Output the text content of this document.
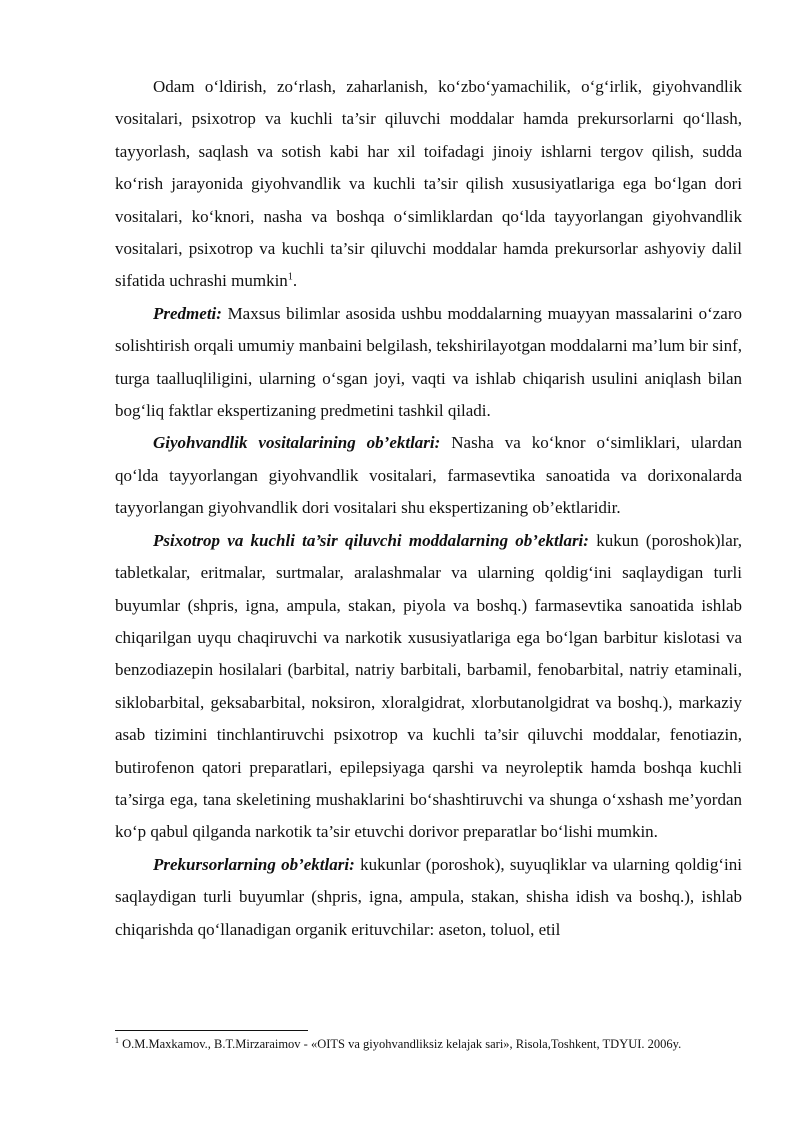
Odam o‘ldirish, zo‘rlash, zaharlanish, ko‘zbo‘yamachilik, o‘g‘irlik, giyohvandlik vositalari, psixotrop va kuchli ta’sir qiluvchi moddalar hamda prekursorlarni qo‘llash, tayyorlash, saqlash va sotish kabi har xil toifadagi jinoiy ishlarni tergov qilish, sudda ko‘rish jarayonida giyohvandlik va kuchli ta’sir qilish xususiyatlariga ega bo‘lgan dori vositalari, ko‘knori, nasha va boshqa o‘simliklardan qo‘lda tayyorlangan giyohvandlik vositalari, psixotrop va kuchli ta’sir qiluvchi moddalar hamda prekursorlar ashyoviy dalil sifatida uchrashi mumkin$^1$.

Predmeti: Maxsus bilimlar asosida ushbu moddalarning muayyan massalarini o‘zaro solishtirish orqali umumiy manbaini belgilash, tekshirilayotgan moddalarni ma’lum bir sinf, turga taalluqliligini, ularning o‘sgan joyi, vaqti va ishlab chiqarish usulini aniqlash bilan bog‘liq faktlar ekspertizaning predmetini tashkil qiladi.

Giyohvandlik vositalarining ob’ektlari: Nasha va ko‘knor o‘simliklari, ulardan qo‘lda tayyorlangan giyohvandlik vositalari, farmasevtika sanoatida va dorixonalarda tayyorlangan giyohvandlik dori vositalari shu ekspertizaning ob’ektlaridir.

Psixotrop va kuchli ta’sir qiluvchi moddalarning ob’ektlari: kukun (poroshok)lar, tabletkalar, eritmalar, surtmalar, aralashmalar va ularning qoldig‘ini saqlaydigan turli buyumlar (shpris, igna, ampula, stakan, piyola va boshq.) farmasevtika sanoatida ishlab chiqarilgan uyqu chaqiruvchi va narkotik xususiyatlariga ega bo‘lgan barbitur kislotasi va benzodiazepin hosilalari (barbital, natriy barbitali, barbamil, fenobarbital, natriy etaminali, siklobarbital, geksabarbital, noksiron, xloralgidrat, xlorbutanolgidrat va boshq.), markaziy asab tizimini tinchlantiruvchi psixotrop va kuchli ta’sir qiluvchi moddalar, fenotiazin, butirofenon qatori preparatlari, epilepsiyaga qarshi va neyroleptik hamda boshqa kuchli ta’sirga ega, tana skeletining mushaklarini bo‘shashtiruvchi va shunga o‘xshash me’yordan ko‘p qabul qilganda narkotik ta’sir etuvchi dorivor preparatlar bo‘lishi mumkin.

Prekursorlarning ob’ektlari: kukunlar (poroshok), suyuqliklar va ularning qoldig‘ini saqlaydigan turli buyumlar (shpris, igna, ampula, stakan, shisha idish va boshq.), ishlab chiqarishda qo‘llanadigan organik erituvchilar: aseton, toluol, etil

$^1$ O.M.Maxkamov., B.T.Mirzaraimov - «OITS va giyohvandliksiz kelajak sari», Risola,Toshkent, TDYUI. 2006y.
